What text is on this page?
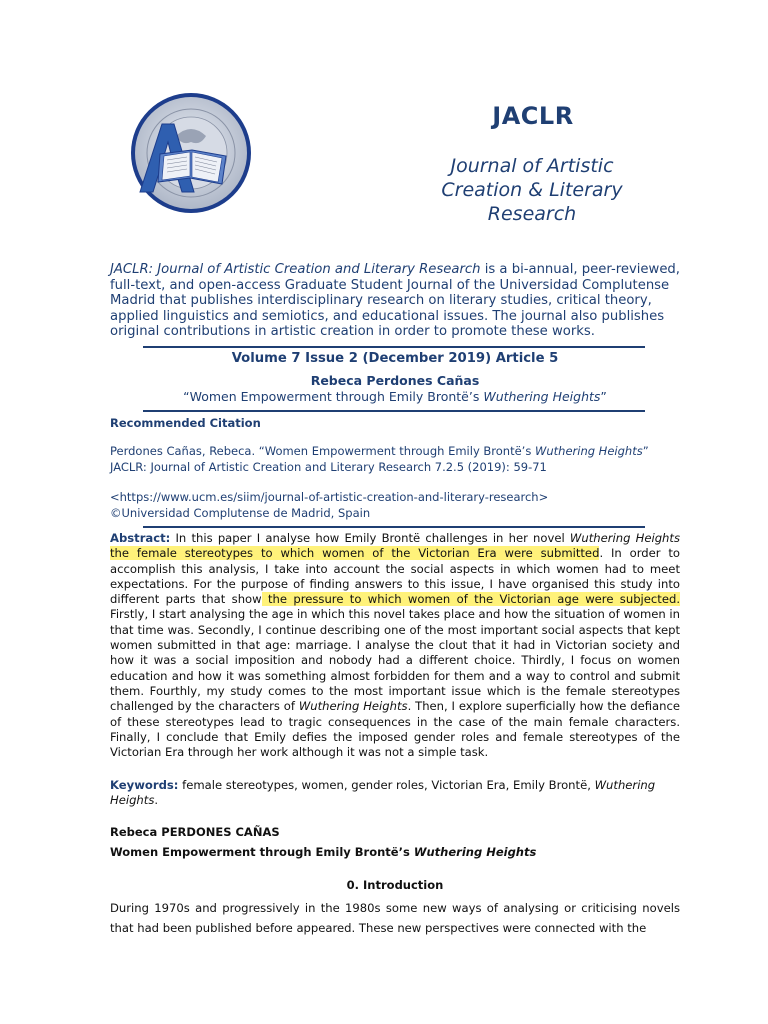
JACLR
Journal of Artistic Creation & Literary Research
JACLR: Journal of Artistic Creation and Literary Research is a bi-annual, peer-reviewed, full-text, and open-access Graduate Student Journal of the Universidad Complutense Madrid that publishes interdisciplinary research on literary studies, critical theory, applied linguistics and semiotics, and educational issues. The journal also publishes original contributions in artistic creation in order to promote these works.
Volume 7 Issue 2 (December 2019) Article 5
Rebeca Perdones Cañas
“Women Empowerment through Emily Brontë’s Wuthering Heights”
Recommended Citation
Perdones Cañas, Rebeca. “Women Empowerment through Emily Brontë’s Wuthering Heights”
JACLR: Journal of Artistic Creation and Literary Research 7.2.5 (2019): 59-71
<https://www.ucm.es/siim/journal-of-artistic-creation-and-literary-research>
©Universidad Complutense de Madrid, Spain
Abstract: In this paper I analyse how Emily Brontë challenges in her novel Wuthering Heights the female stereotypes to which women of the Victorian Era were submitted. In order to accomplish this analysis, I take into account the social aspects in which women had to meet expectations. For the purpose of finding answers to this issue, I have organised this study into different parts that show the pressure to which women of the Victorian age were subjected. Firstly, I start analysing the age in which this novel takes place and how the situation of women in that time was. Secondly, I continue describing one of the most important social aspects that kept women submitted in that age: marriage. I analyse the clout that it had in Victorian society and how it was a social imposition and nobody had a different choice. Thirdly, I focus on women education and how it was something almost forbidden for them and a way to control and submit them. Fourthly, my study comes to the most important issue which is the female stereotypes challenged by the characters of Wuthering Heights. Then, I explore superficially how the defiance of these stereotypes lead to tragic consequences in the case of the main female characters. Finally, I conclude that Emily defies the imposed gender roles and female stereotypes of the Victorian Era through her work although it was not a simple task.
Keywords: female stereotypes, women, gender roles, Victorian Era, Emily Brontë, Wuthering Heights.
Rebeca PERDONES CAÑAS
Women Empowerment through Emily Brontë’s Wuthering Heights
0. Introduction
During 1970s and progressively in the 1980s some new ways of analysing or criticising novels that had been published before appeared. These new perspectives were connected with the
